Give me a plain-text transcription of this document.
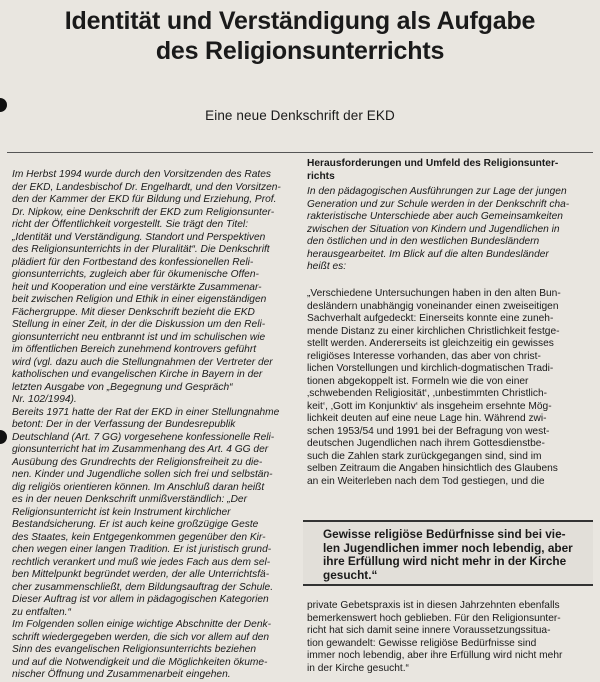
Identität und Verständigung als Aufgabe
des Religionsunterrichts
Eine neue Denkschrift der EKD
Im Herbst 1994 wurde durch den Vorsitzenden des Rates
der EKD, Landesbischof Dr. Engelhardt, und den Vorsitzen-
den der Kammer der EKD für Bildung und Erziehung, Prof.
Dr. Nipkow, eine Denkschrift der EKD zum Religionsunter-
richt der Öffentlichkeit vorgestellt. Sie trägt den Titel:
„Identität und Verständigung. Standort und Perspektiven
des Religionsunterrichts in der Pluralität“. Die Denkschrift
plädiert für den Fortbestand des konfessionellen Reli-
gionsunterrichts, zugleich aber für ökumenische Offen-
heit und Kooperation und eine verstärkte Zusammenar-
beit zwischen Religion und Ethik in einer eigenständigen
Fächergruppe. Mit dieser Denkschrift bezieht die EKD
Stellung in einer Zeit, in der die Diskussion um den Reli-
gionsunterricht neu entbrannt ist und im schulischen wie
im öffentlichen Bereich zunehmend kontrovers geführt
wird (vgl. dazu auch die Stellungnahmen der Vertreter der
katholischen und evangelischen Kirche in Bayern in der
letzten Ausgabe von „Begegnung und Gespräch“
Nr. 102/1994).
Bereits 1971 hatte der Rat der EKD in einer Stellungnahme
betont: Der in der Verfassung der Bundesrepublik
Deutschland (Art. 7 GG) vorgesehene konfessionelle Reli-
gionsunterricht hat im Zusammenhang des Art. 4 GG der
Ausübung des Grundrechts der Religionsfreiheit zu die-
nen. Kinder und Jugendliche sollen sich frei und selbstän-
dig religiös orientieren können. Im Anschluß daran heißt
es in der neuen Denkschrift unmißverständlich: „Der
Religionsunterricht ist kein Instrument kirchlicher
Bestandsicherung. Er ist auch keine großzügige Geste
des Staates, kein Entgegenkommen gegenüber den Kir-
chen wegen einer langen Tradition. Er ist juristisch grund-
rechtlich verankert und muß wie jedes Fach aus dem sel-
ben Mittelpunkt begründet werden, der alle Unterrichtsfä-
cher zusammenschließt, dem Bildungsauftrag der Schule.
Dieser Auftrag ist vor allem in pädagogischen Kategorien
zu entfalten.“
Im Folgenden sollen einige wichtige Abschnitte der Denk-
schrift wiedergegeben werden, die sich vor allem auf den
Sinn des evangelischen Religionsunterrichts beziehen
und auf die Notwendigkeit und die Möglichkeiten ökume-
nischer Öffnung und Zusammenarbeit eingehen.
Herausforderungen und Umfeld des Religionsunter-
richts
In den pädagogischen Ausführungen zur Lage der jungen
Generation und zur Schule werden in der Denkschrift cha-
rakteristische Unterschiede aber auch Gemeinsamkeiten
zwischen der Situation von Kindern und Jugendlichen in
den östlichen und in den westlichen Bundesländern
herausgearbeitet. Im Blick auf die alten Bundesländer
heißt es:
„Verschiedene Untersuchungen haben in den alten Bun-
desländern unabhängig voneinander einen zweiseitigen
Sachverhalt aufgedeckt: Einerseits konnte eine zuneh-
mende Distanz zu einer kirchlichen Christlichkeit festge-
stellt werden. Andererseits ist gleichzeitig ein gewisses
religiöses Interesse vorhanden, das aber von christ-
lichen Vorstellungen und kirchlich-dogmatischen Tradi-
tionen abgekoppelt ist. Formeln wie die von einer
‚schwebenden Religiosität‘, ‚unbestimmten Christlich-
keit‘, ‚Gott im Konjunktiv‘ als insgeheim ersehnte Mög-
lichkeit deuten auf eine neue Lage hin. Während zwi-
schen 1953/54 und 1991 bei der Befragung von west-
deutschen Jugendlichen nach ihrem Gottesdienstbe-
such die Zahlen stark zurückgegangen sind, sind im
selben Zeitraum die Angaben hinsichtlich des Glaubens
an ein Weiterleben nach dem Tod gestiegen, und die
Gewisse religiöse Bedürfnisse sind bei vie-
len Jugendlichen immer noch lebendig, aber
ihre Erfüllung wird nicht mehr in der Kirche
gesucht.“
private Gebetspraxis ist in diesen Jahrzehnten ebenfalls
bemerkenswert hoch geblieben. Für den Religionsunter-
richt hat sich damit seine innere Voraussetzungssitua-
tion gewandelt: Gewisse religiöse Bedürfnisse sind
immer noch lebendig, aber ihre Erfüllung wird nicht mehr
in der Kirche gesucht.“
